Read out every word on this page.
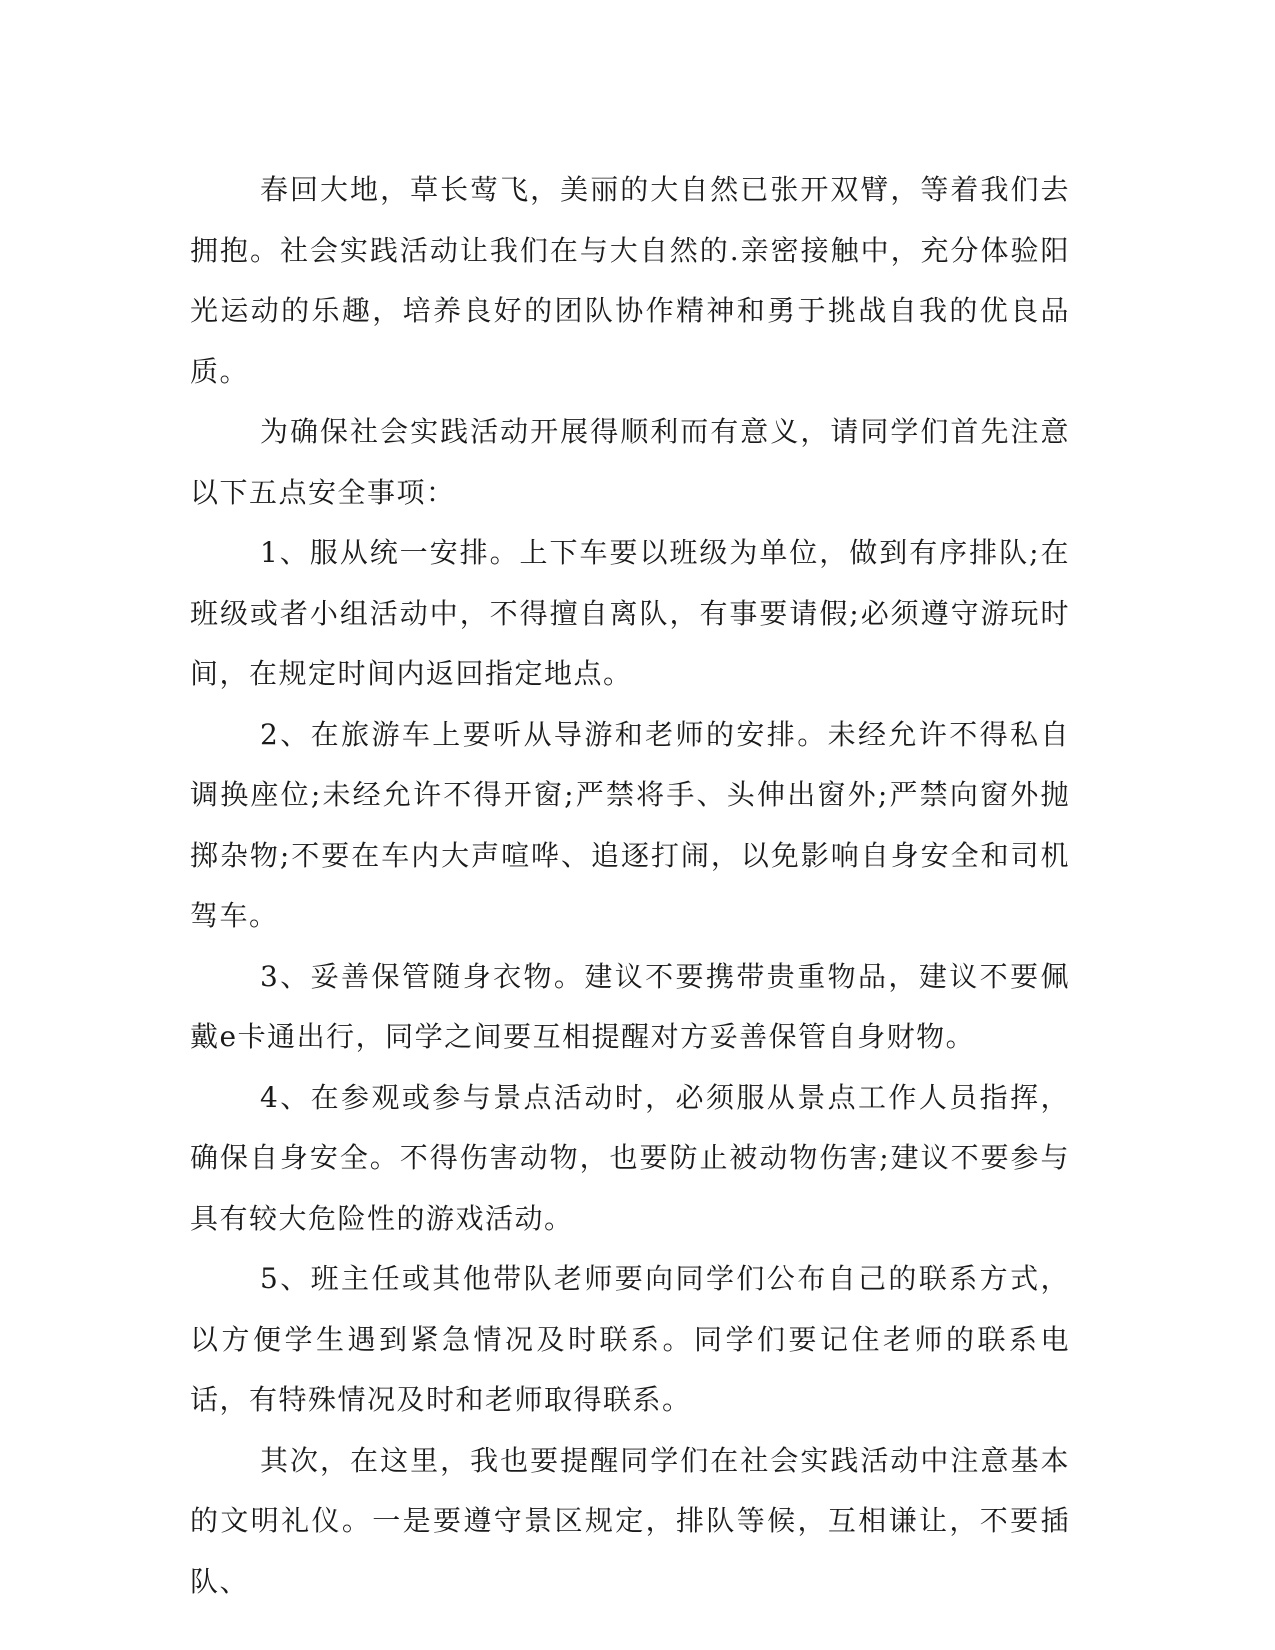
春回大地，草长莺飞，美丽的大自然已张开双臂，等着我们去拥抱。社会实践活动让我们在与大自然的.亲密接触中，充分体验阳光运动的乐趣，培养良好的团队协作精神和勇于挑战自我的优良品质。

为确保社会实践活动开展得顺利而有意义，请同学们首先注意以下五点安全事项：

1、服从统一安排。上下车要以班级为单位，做到有序排队;在班级或者小组活动中，不得擅自离队，有事要请假;必须遵守游玩时间，在规定时间内返回指定地点。

2、在旅游车上要听从导游和老师的安排。未经允许不得私自调换座位;未经允许不得开窗;严禁将手、头伸出窗外;严禁向窗外抛掷杂物;不要在车内大声喧哗、追逐打闹，以免影响自身安全和司机驾车。

3、妥善保管随身衣物。建议不要携带贵重物品，建议不要佩戴e卡通出行，同学之间要互相提醒对方妥善保管自身财物。

4、在参观或参与景点活动时，必须服从景点工作人员指挥，确保自身安全。不得伤害动物，也要防止被动物伤害;建议不要参与具有较大危险性的游戏活动。

5、班主任或其他带队老师要向同学们公布自己的联系方式，以方便学生遇到紧急情况及时联系。同学们要记住老师的联系电话，有特殊情况及时和老师取得联系。

其次，在这里，我也要提醒同学们在社会实践活动中注意基本的文明礼仪。一是要遵守景区规定，排队等候，互相谦让，不要插队、
